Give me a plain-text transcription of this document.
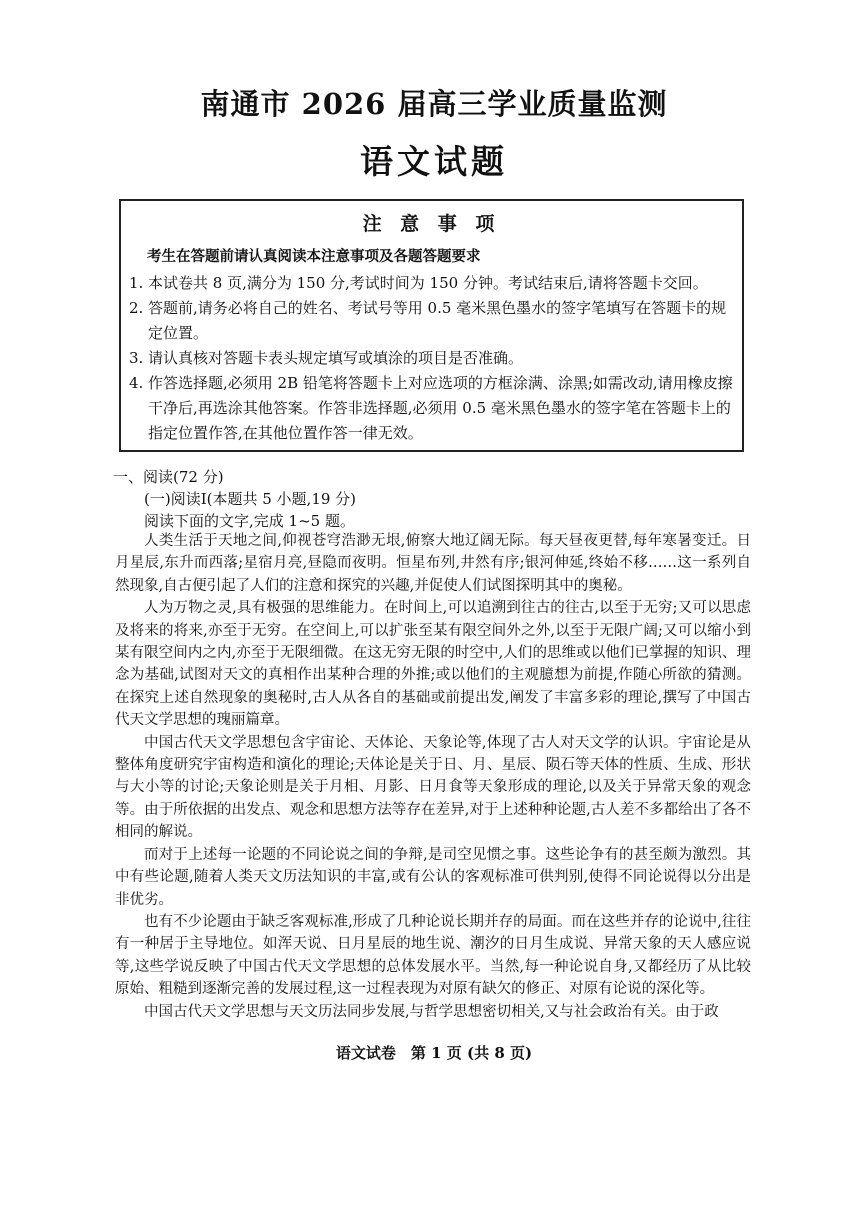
南通市 2026 届高三学业质量监测
语文试题
注 意 事 项
考生在答题前请认真阅读本注意事项及各题答题要求
1. 本试卷共 8 页,满分为 150 分,考试时间为 150 分钟。考试结束后,请将答题卡交回。
2. 答题前,请务必将自己的姓名、考试号等用 0.5 毫米黑色墨水的签字笔填写在答题卡的规定位置。
3. 请认真核对答题卡表头规定填写或填涂的项目是否准确。
4. 作答选择题,必须用 2B 铅笔将答题卡上对应选项的方框涂满、涂黑;如需改动,请用橡皮擦干净后,再选涂其他答案。作答非选择题,必须用 0.5 毫米黑色墨水的签字笔在答题卡上的指定位置作答,在其他位置作答一律无效。
一、阅读(72 分)
(一)阅读Ⅰ(本题共 5 小题,19 分)
阅读下面的文字,完成 1~5 题。

人类生活于天地之间,仰视苍穹浩渺无垠,俯察大地辽阔无际。每天昼夜更替,每年寒暑变迁。日月星辰,东升而西落;星宿月亮,昼隐而夜明。恒星布列,井然有序;银河伸延,终始不移……这一系列自然现象,自古便引起了人们的注意和探究的兴趣,并促使人们试图探明其中的奥秘。

人为万物之灵,具有极强的思维能力。在时间上,可以追溯到往古的往古,以至于无穷;又可以思虑及将来的将来,亦至于无穷。在空间上,可以扩张至某有限空间外之外,以至于无限广阔;又可以缩小到某有限空间内之内,亦至于无限细微。在这无穷无限的时空中,人们的思维或以他们已掌握的知识、理念为基础,试图对天文的真相作出某种合理的外推;或以他们的主观臆想为前提,作随心所欲的猜测。在探究上述自然现象的奥秘时,古人从各自的基础或前提出发,阐发了丰富多彩的理论,撰写了中国古代天文学思想的瑰丽篇章。

中国古代天文学思想包含宇宙论、天体论、天象论等,体现了古人对天文学的认识。宇宙论是从整体角度研究宇宙构造和演化的理论;天体论是关于日、月、星辰、陨石等天体的性质、生成、形状与大小等的讨论;天象论则是关于月相、月影、日月食等天象形成的理论,以及关于异常天象的观念等。由于所依据的出发点、观念和思想方法等存在差异,对于上述种种论题,古人差不多都给出了各不相同的解说。

而对于上述每一论题的不同论说之间的争辩,是司空见惯之事。这些论争有的甚至颇为激烈。其中有些论题,随着人类天文历法知识的丰富,或有公认的客观标准可供判别,使得不同论说得以分出是非优劣。

也有不少论题由于缺乏客观标准,形成了几种论说长期并存的局面。而在这些并存的论说中,往往有一种居于主导地位。如浑天说、日月星辰的地生说、潮汐的日月生成说、异常天象的天人感应说等,这些学说反映了中国古代天文学思想的总体发展水平。当然,每一种论说自身,又都经历了从比较原始、粗糙到逐渐完善的发展过程,这一过程表现为对原有缺欠的修正、对原有论说的深化等。

中国古代天文学思想与天文历法同步发展,与哲学思想密切相关,又与社会政治有关。由于政

语文试卷　第 1 页 (共 8 页)
